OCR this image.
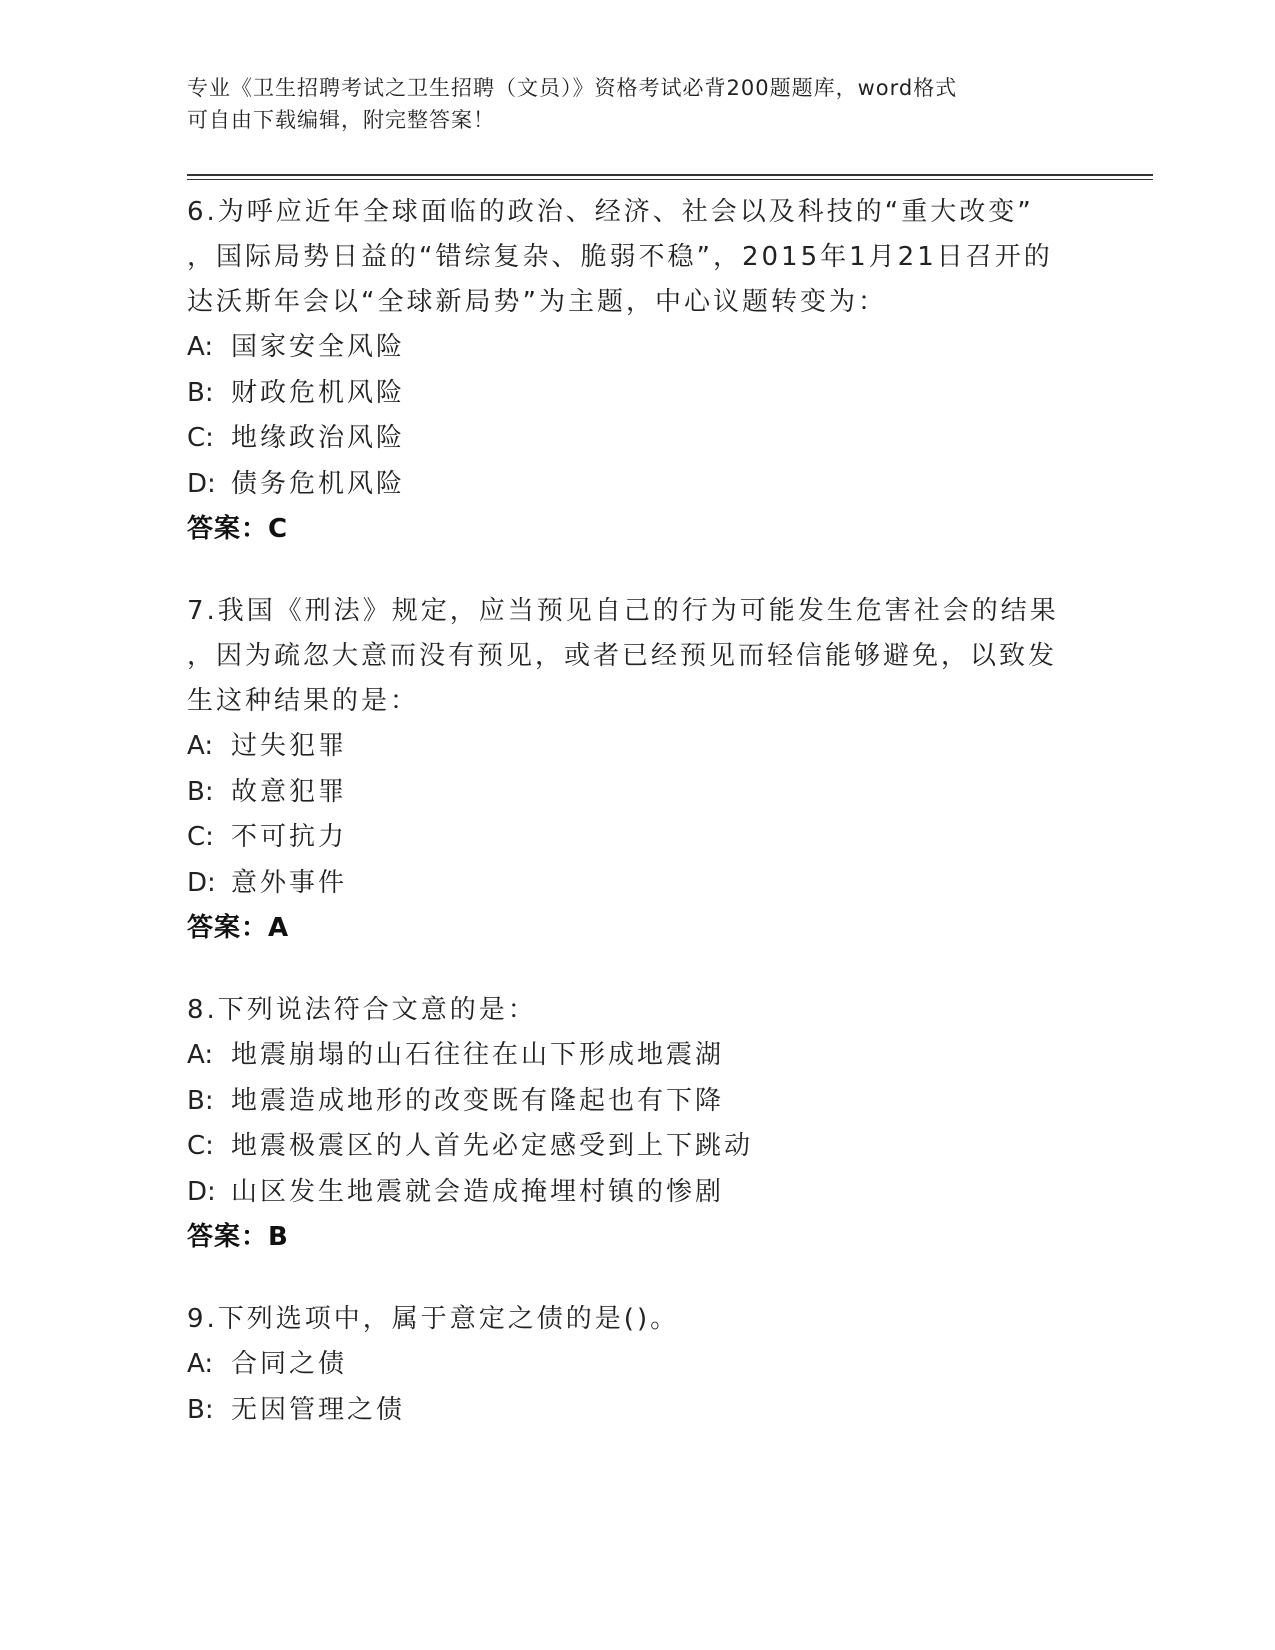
专业《卫生招聘考试之卫生招聘（文员）》资格考试必背200题题库，word格式
可自由下载编辑，附完整答案！
6.为呼应近年全球面临的政治、经济、社会以及科技的“重大改变”
，国际局势日益的“错综复杂、脆弱不稳”，2015年1月21日召开的
达沃斯年会以“全球新局势”为主题，中心议题转变为：
A: 国家安全风险
B: 财政危机风险
C: 地缘政治风险
D: 债务危机风险
答案：C
7.我国《刑法》规定，应当预见自己的行为可能发生危害社会的结果
，因为疏忽大意而没有预见，或者已经预见而轻信能够避免，以致发
生这种结果的是：
A: 过失犯罪
B: 故意犯罪
C: 不可抗力
D: 意外事件
答案：A
8.下列说法符合文意的是：
A: 地震崩塌的山石往往在山下形成地震湖
B: 地震造成地形的改变既有隆起也有下降
C: 地震极震区的人首先必定感受到上下跳动
D: 山区发生地震就会造成掩埋村镇的惨剧
答案：B
9.下列选项中，属于意定之债的是()。
A: 合同之债
B: 无因管理之债
